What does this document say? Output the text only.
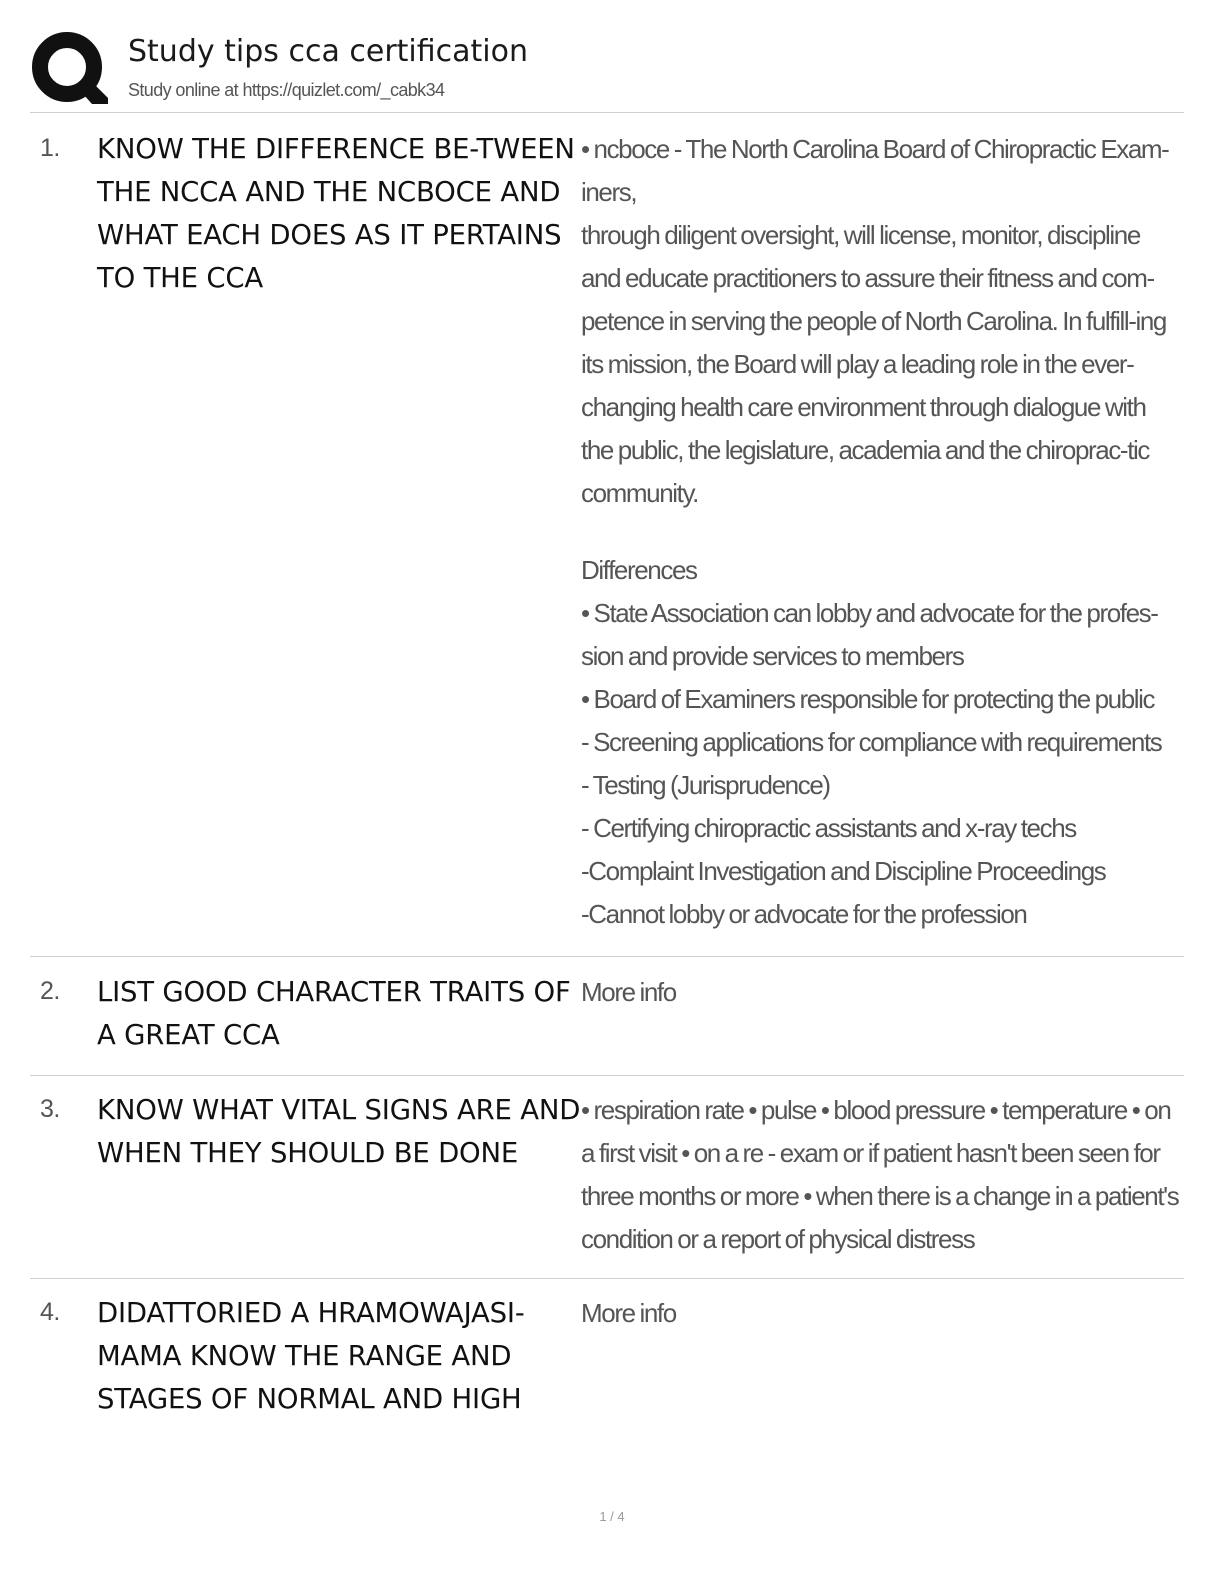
Study tips cca certification
Study online at https://quizlet.com/_cabk34
1. KNOW THE DIFFERENCE BE-TWEEN THE NCCA AND THE NCBOCE AND WHAT EACH DOES AS IT PERTAINS TO THE CCA

• ncboce - The North Carolina Board of Chiropractic Exam-iners,

through diligent oversight, will license, monitor, discipline and educate practitioners to assure their fitness and com-petence in serving the people of North Carolina. In fulfill-ing its mission, the Board will play a leading role in the ever-changing health care environment through dialogue with the public, the legislature, academia and the chiroprac-tic community.

Differences

• State Association can lobby and advocate for the profes-sion and provide services to members

• Board of Examiners responsible for protecting the public

- Screening applications for compliance with requirements

- Testing (Jurisprudence)

- Certifying chiropractic assistants and x-ray techs

-Complaint Investigation and Discipline Proceedings

-Cannot lobby or advocate for the profession

2. LIST GOOD CHARACTER TRAITS OF A GREAT CCA
More info
3. KNOW WHAT VITAL SIGNS ARE AND WHEN THEY SHOULD BE DONE
• respiration rate • pulse • blood pressure • temperature • on a first visit • on a re - exam or if patient hasn't been seen for three months or more • when there is a change in a patient's condition or a report of physical distress
4. DIDATTORIED A HRAMOWAJASI-MAMA KNOW THE RANGE AND STAGES OF NORMAL AND HIGH
More info
1 / 4
